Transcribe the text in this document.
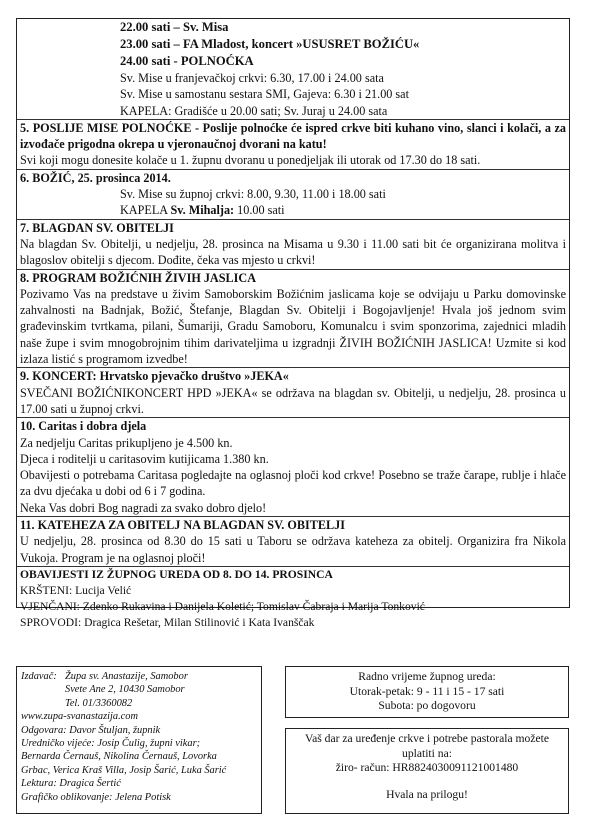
22.00 sati – Sv. Misa
23.00 sati – FA Mladost, koncert »USUSRET BOŽIĆU«
24.00 sati - POLNOĆKA
Sv. Mise u franjevačkoj crkvi: 6.30, 17.00 i 24.00 sata
Sv. Mise u samostanu sestara SMI, Gajeva: 6.30 i 21.00 sat
KAPELA: Gradišće u 20.00 sati; Sv. Juraj u 24.00 sata
5. POSLIJE MISE POLNOĆKE - Poslije polnoćke će ispred crkve biti kuhano vino, slanci i kolači, a za izvođače prigodna okrepa u vjeronaučnoj dvorani na katu!
Svi koji mogu donesite kolače u 1. župnu dvoranu u ponedjeljak ili utorak od 17.30 do 18 sati.
6. BOŽIĆ, 25. prosinca 2014.
Sv. Mise su župnoj crkvi: 8.00, 9.30, 11.00 i 18.00 sati
KAPELA Sv. Mihalja: 10.00 sati
7. BLAGDAN SV. OBITELJI
Na blagdan Sv. Obitelji, u nedjelju, 28. prosinca na Misama u 9.30 i 11.00 sati bit će organizirana molitva i blagoslov obitelji s djecom. Dođite, čeka vas mjesto u crkvi!
8. PROGRAM BOŽIĆNIH ŽIVIH JASLICA
Pozivamo Vas na predstave u živim Samoborskim Božićnim jaslicama koje se odvijaju u Parku domovinske zahvalnosti na Badnjak, Božić, Štefanje, Blagdan Sv. Obitelji i Bogojavljenje! Hvala još jednom svim građevinskim tvrtkama, pilani, Šumariji, Gradu Samoboru, Komunalcu i svim sponzorima, zajednici mladih naše župe i svim mnogobrojnim tihim darivateljima u izgradnji ŽIVIH BOŽIĆNIH JASLICA! Uzmite si kod izlaza listić s programom izvedbe!
9. KONCERT: Hrvatsko pjevačko društvo »JEKA«
SVEČANI BOŽIĆNIKONCERT HPD »JEKA« se održava na blagdan sv. Obitelji, u nedjelju, 28. prosinca u 17.00 sati u župnoj crkvi.
10. Caritas i dobra djela
Za nedjelju Caritas prikupljeno je 4.500 kn.
Djeca i roditelji u caritasovim kutijicama 1.380 kn.
Obavijesti o potrebama Caritasa pogledajte na oglasnoj ploči kod crkve! Posebno se traže čarape, rublje i hlače za dvu djećaka u dobi od 6 i 7 godina.
Neka Vas dobri Bog nagradi za svako dobro djelo!
11. KATEHEZA ZA OBITELJ NA BLAGDAN SV. OBITELJI
U nedjelju, 28. prosinca od 8.30 do 15 sati u Taboru se održava kateheza za obitelj. Organizira fra Nikola Vukoja. Program je na oglasnoj ploči!
OBAVIJESTI IZ ŽUPNOG UREDA OD 8. DO 14. PROSINCA
KRŠTENI: Lucija Velić
VJENČANI: Zdenko Rukavina i Danijela Koletić; Tomislav Čabraja i Marija Tonković
SPROVODI: Dragica Rešetar, Milan Stilinović i Kata Ivanščak
Izdavač: Župa sv. Anastazije, Samobor
Svete Ane 2, 10430 Samobor
Tel. 01/3360082
www.zupa-svanastazija.com
Odgovara: Davor Štuljan, župnik
Uredničko vijeće: Josip Čulig, župni vikar;
Bernarda Černauš, Nikolina Černauš, Lovorka
Grbac, Verica Kraš Villa, Josip Šarić, Luka Šarić
Lektura: Dragica Šertić
Grafičko oblikovanje: Jelena Potisk
Radno vrijeme župnog ureda:
Utorak-petak: 9 - 11 i 15 - 17 sati
Subota: po dogovoru
Vaš dar za uređenje crkve i potrebe pastorala možete
uplatiti na:
žiro- račun: HR8824030091121001480
Hvala na prilogu!
